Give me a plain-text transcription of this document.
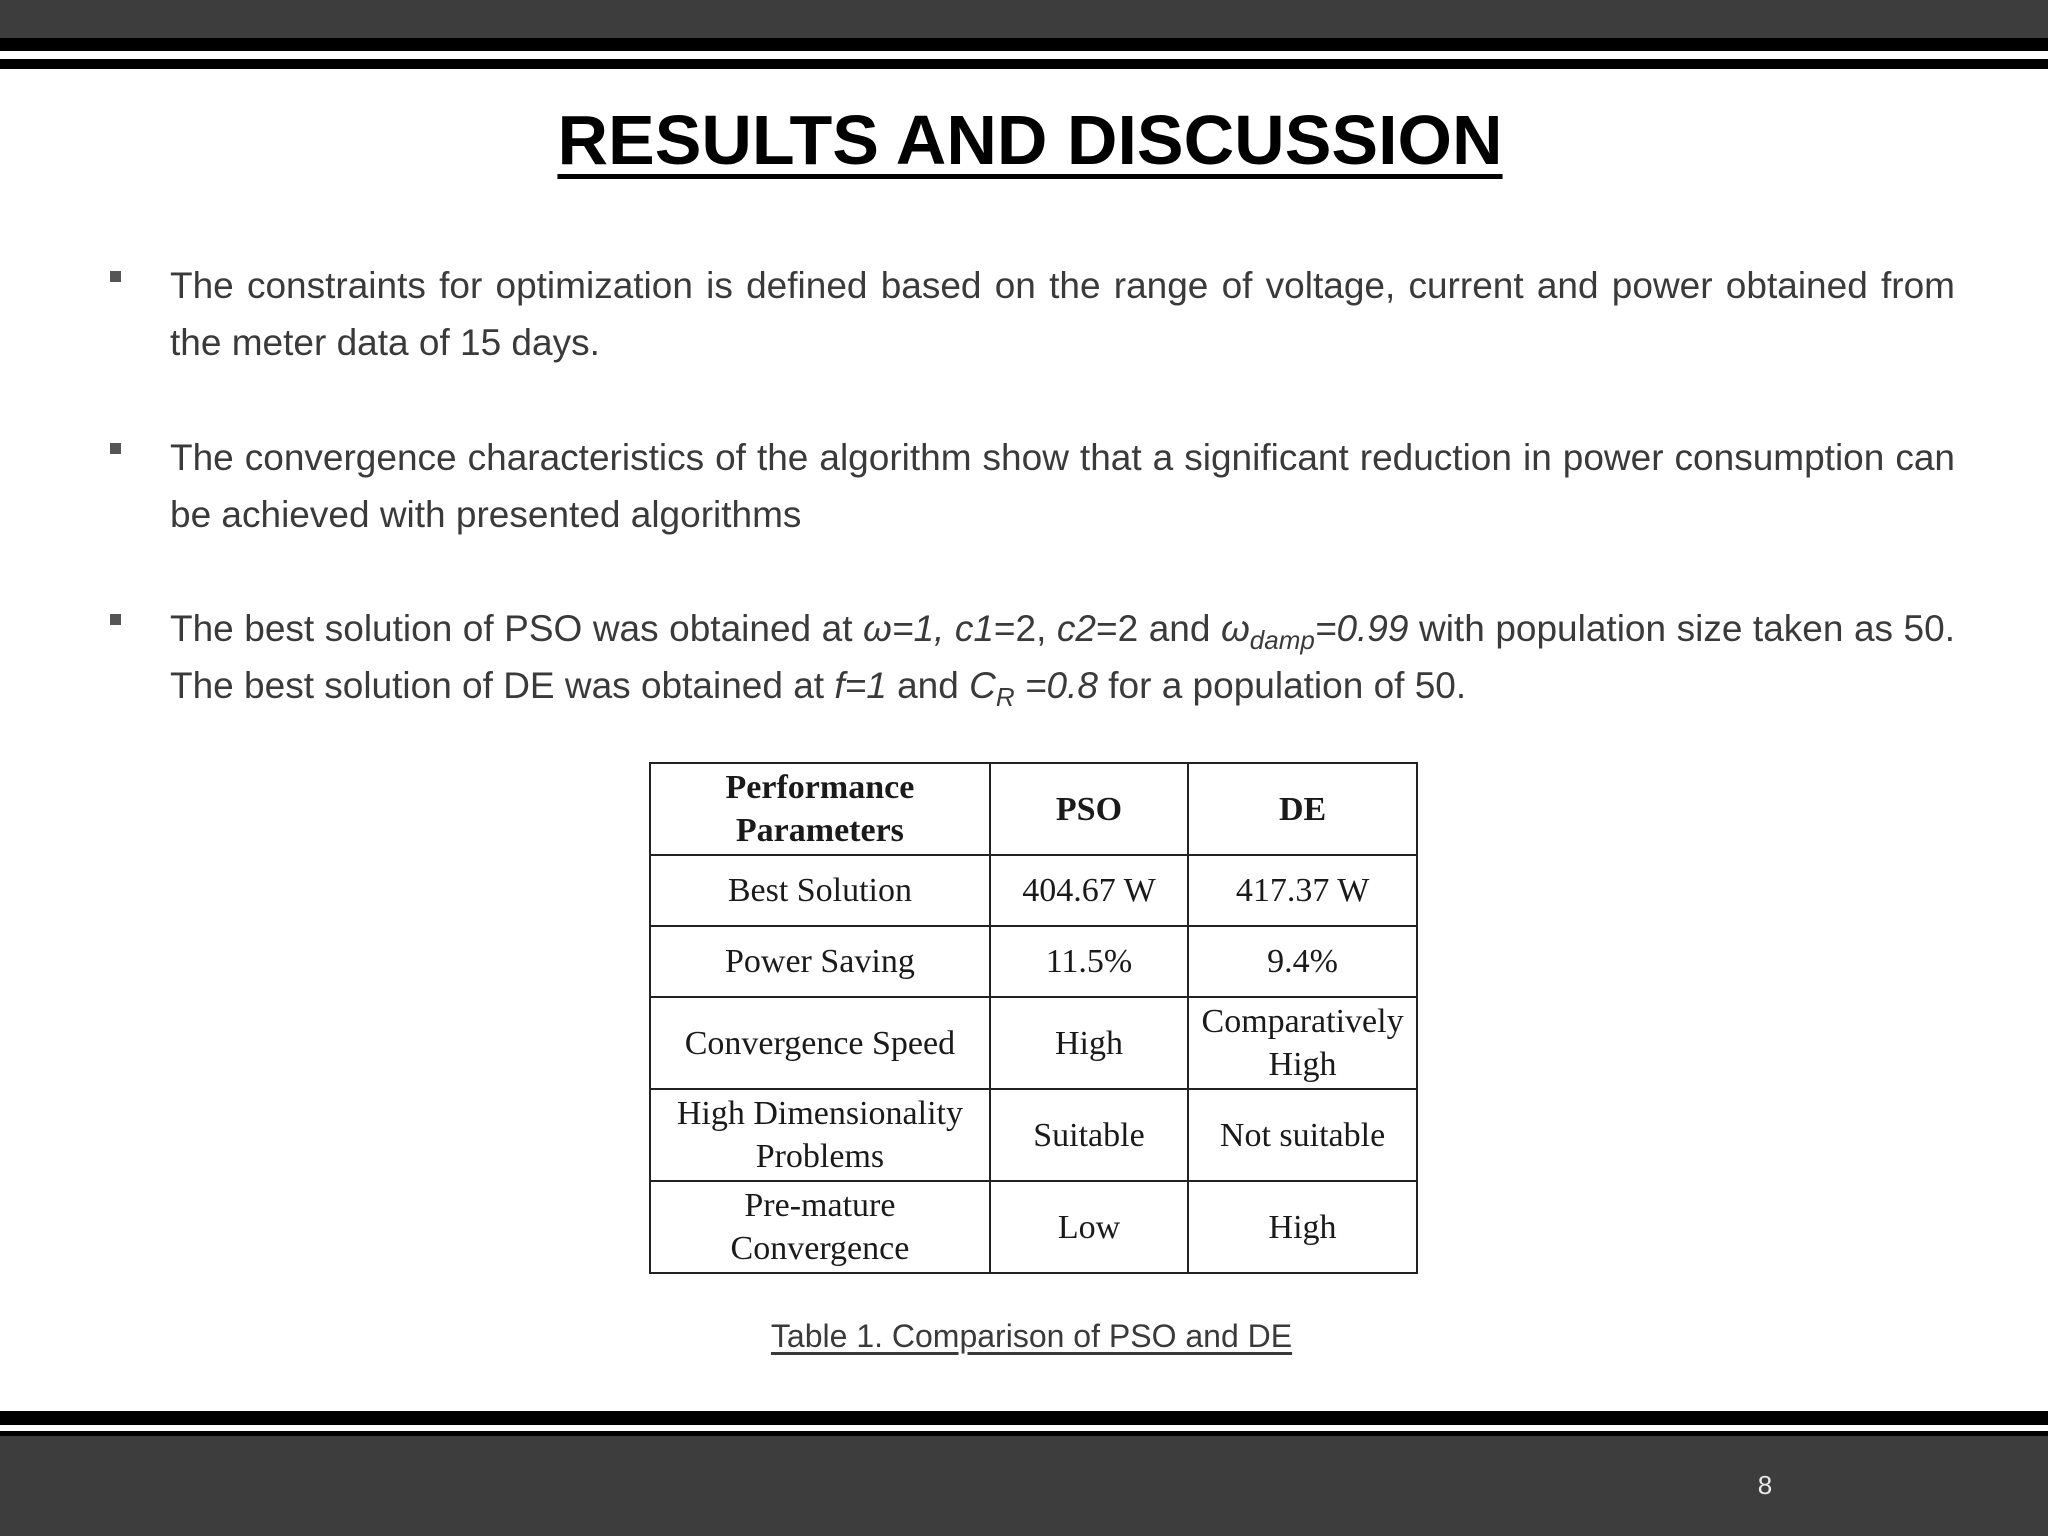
RESULTS AND DISCUSSION
The constraints for optimization is defined based on the range of voltage, current and power obtained from the meter data of 15 days.
The convergence characteristics of the algorithm show that a significant reduction in power consumption can be achieved with presented algorithms
The best solution of PSO was obtained at ω=1, c1=2, c2=2 and $\omega_{damp}=0.99$ with population size taken as 50. The best solution of DE was obtained at f=1 and $C_R =0.8$ for a population of 50.
Performance Parameters	PSO	DE
Best Solution	404.67 W	417.37 W
Power Saving	11.5%	9.4%
Convergence Speed	High	Comparatively High
High Dimensionality Problems	Suitable	Not suitable
Pre-mature Convergence	Low	High
Table 1. Comparison of PSO and DE
8
